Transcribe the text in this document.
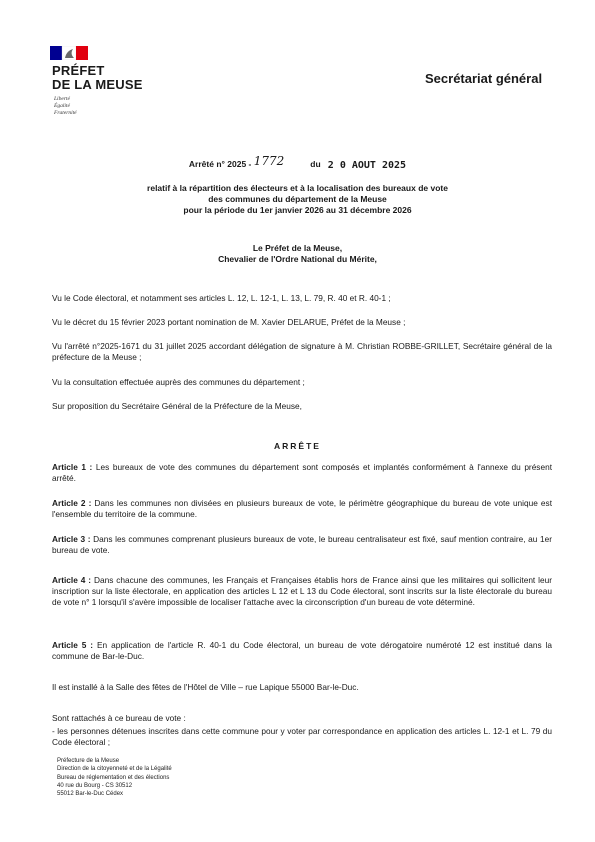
PRÉFET
DE LA MEUSE
Liberté
Égalité
Fraternité
Secrétariat général
Arrêté n° 2025 - 1772	du 2 0 AOUT 2025
relatif à la répartition des électeurs et à la localisation des bureaux de vote
des communes du département de la Meuse
pour la période du 1er janvier 2026 au 31 décembre 2026
Le Préfet de la Meuse,
Chevalier de l'Ordre National du Mérite,
Vu le Code électoral, et notamment ses articles L. 12, L. 12-1, L. 13, L. 79, R. 40 et R. 40-1 ;
Vu le décret du 15 février 2023 portant nomination de M. Xavier DELARUE, Préfet de la Meuse ;
Vu l'arrêté n°2025-1671 du 31 juillet 2025 accordant délégation de signature à M. Christian ROBBE-GRILLET, Secrétaire général de la préfecture de la Meuse ;
Vu la consultation effectuée auprès des communes du département ;
Sur proposition du Secrétaire Général de la Préfecture de la Meuse,
ARRÊTE
Article 1 : Les bureaux de vote des communes du département sont composés et implantés conformément à l'annexe du présent arrêté.
Article 2 : Dans les communes non divisées en plusieurs bureaux de vote, le périmètre géographique du bureau de vote unique est l'ensemble du territoire de la commune.
Article 3 : Dans les communes comprenant plusieurs bureaux de vote, le bureau centralisateur est fixé, sauf mention contraire, au 1er bureau de vote.
Article 4 : Dans chacune des communes, les Français et Françaises établis hors de France ainsi que les militaires qui sollicitent leur inscription sur la liste électorale, en application des articles L 12 et L 13 du Code électoral, sont inscrits sur la liste électorale du bureau de vote n° 1 lorsqu'il s'avère impossible de localiser l'attache avec la circonscription d'un bureau de vote déterminé.
Article 5 : En application de l'article R. 40-1 du Code électoral, un bureau de vote dérogatoire numéroté 12 est institué dans la commune de Bar-le-Duc.
Il est installé à la Salle des fêtes de l'Hôtel de Ville – rue Lapique 55000 Bar-le-Duc.
Sont rattachés à ce bureau de vote :
- les personnes détenues inscrites dans cette commune pour y voter par correspondance en application des articles L. 12-1 et L. 79 du Code électoral ;
Préfecture de la Meuse
Direction de la citoyenneté et de la Légalité
Bureau de réglementation et des élections
40 rue du Bourg - CS 30512
55012 Bar-le-Duc Cédex
